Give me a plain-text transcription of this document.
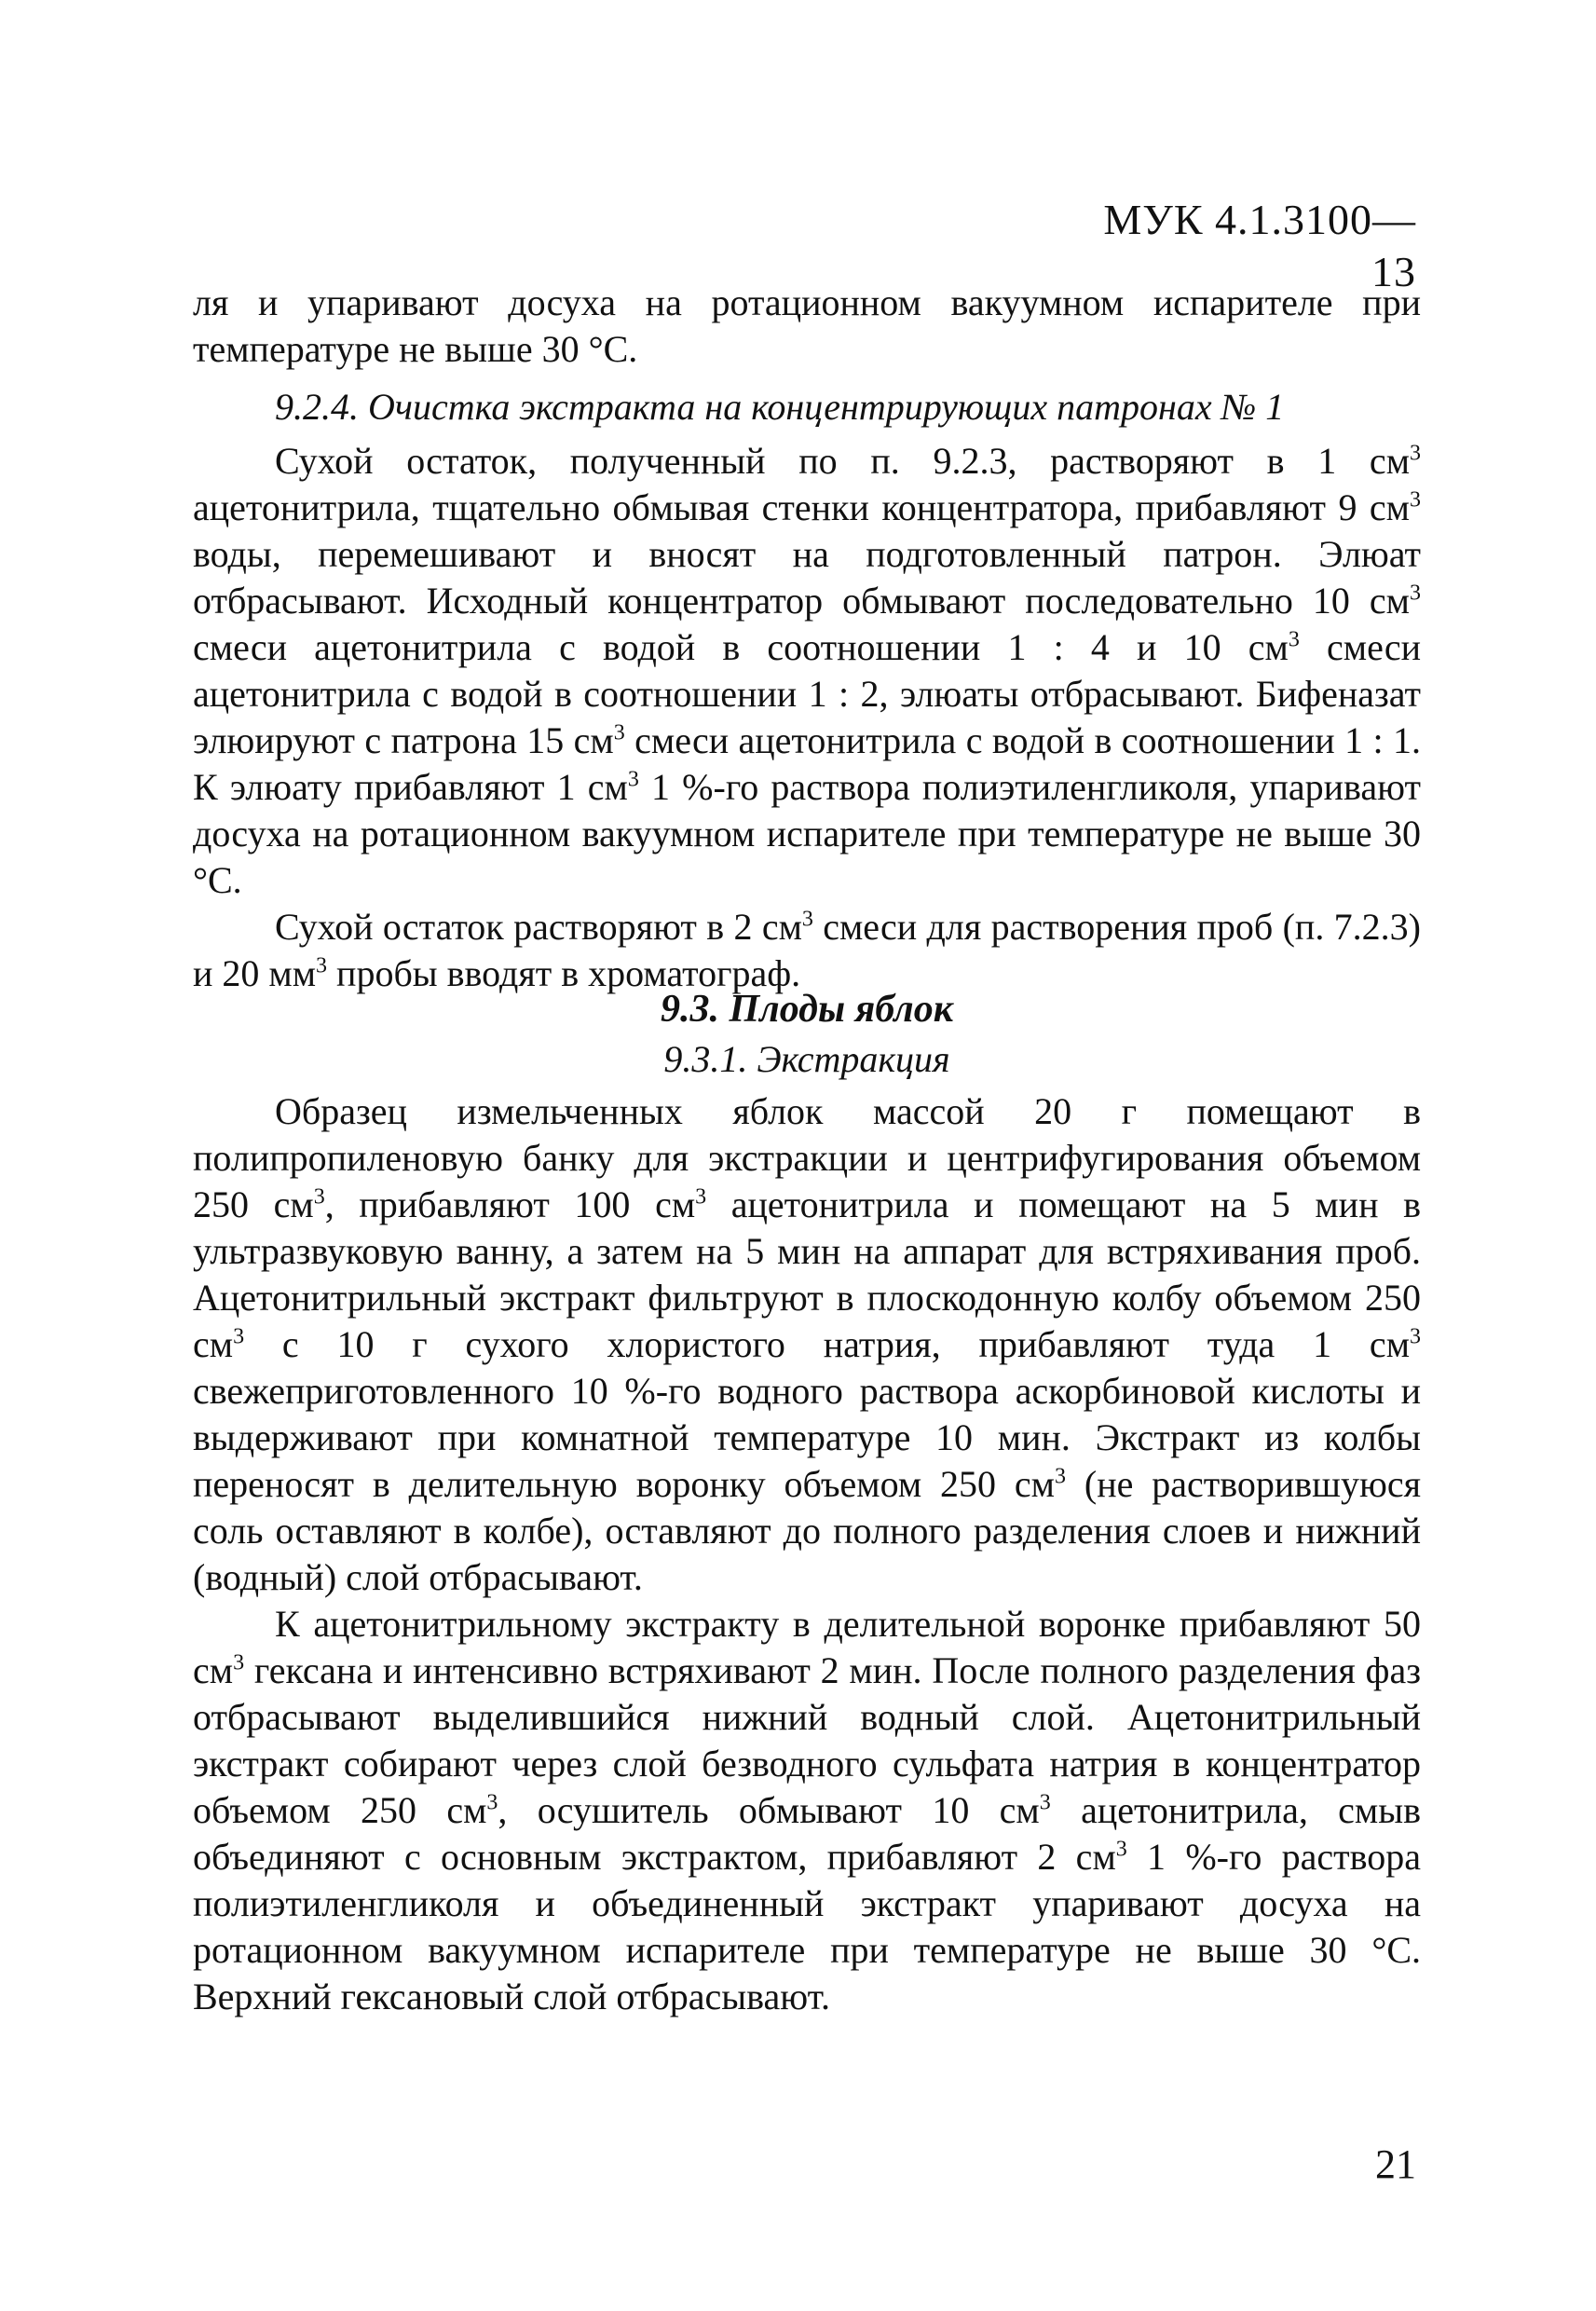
МУК 4.1.3100—13

ля и упаривают досуха на ротационном вакуумном испарителе при температуре не выше 30 °С.

9.2.4. Очистка экстракта на концентрирующих патронах № 1

Сухой остаток, полученный по п. 9.2.3, растворяют в 1 $см^3$ ацетонитрила, тщательно обмывая стенки концентратора, прибавляют 9 $см^3$ воды, перемешивают и вносят на подготовленный патрон. Элюат отбрасывают. Исходный концентратор обмывают последовательно 10 $см^3$ смеси ацетонитрила с водой в соотношении 1 : 4 и 10 $см^3$ смеси ацетонитрила с водой в соотношении 1 : 2, элюаты отбрасывают. Бифеназат элюируют с патрона 15 $см^3$ смеси ацетонитрила с водой в соотношении 1 : 1. К элюату прибавляют 1 $см^3$ 1 %-го раствора полиэтиленгликоля, упаривают досуха на ротационном вакуумном испарителе при температуре не выше 30 °С.

Сухой остаток растворяют в 2 $см^3$ смеси для растворения проб (п. 7.2.3) и 20 $мм^3$ пробы вводят в хроматограф.

9.3. Плоды яблок
9.3.1. Экстракция

Образец измельченных яблок массой 20 г помещают в полипропиленовую банку для экстракции и центрифугирования объемом 250 $см^3$, прибавляют 100 $см^3$ ацетонитрила и помещают на 5 мин в ультразвуковую ванну, а затем на 5 мин на аппарат для встряхивания проб. Ацетонитрильный экстракт фильтруют в плоскодонную колбу объемом 250 $см^3$ с 10 г сухого хлористого натрия, прибавляют туда 1 $см^3$ свежеприготовленного 10 %-го водного раствора аскорбиновой кислоты и выдерживают при комнатной температуре 10 мин. Экстракт из колбы переносят в делительную воронку объемом 250 $см^3$ (не растворившуюся соль оставляют в колбе), оставляют до полного разделения слоев и нижний (водный) слой отбрасывают.

К ацетонитрильному экстракту в делительной воронке прибавляют 50 $см^3$ гексана и интенсивно встряхивают 2 мин. После полного разделения фаз отбрасывают выделившийся нижний водный слой. Ацетонитрильный экстракт собирают через слой безводного сульфата натрия в концентратор объемом 250 $см^3$, осушитель обмывают 10 $см^3$ ацетонитрила, смыв объединяют с основным экстрактом, прибавляют 2 $см^3$ 1 %-го раствора полиэтиленгликоля и объединенный экстракт упаривают досуха на ротационном вакуумном испарителе при температуре не выше 30 °С. Верхний гексановый слой отбрасывают.

21
